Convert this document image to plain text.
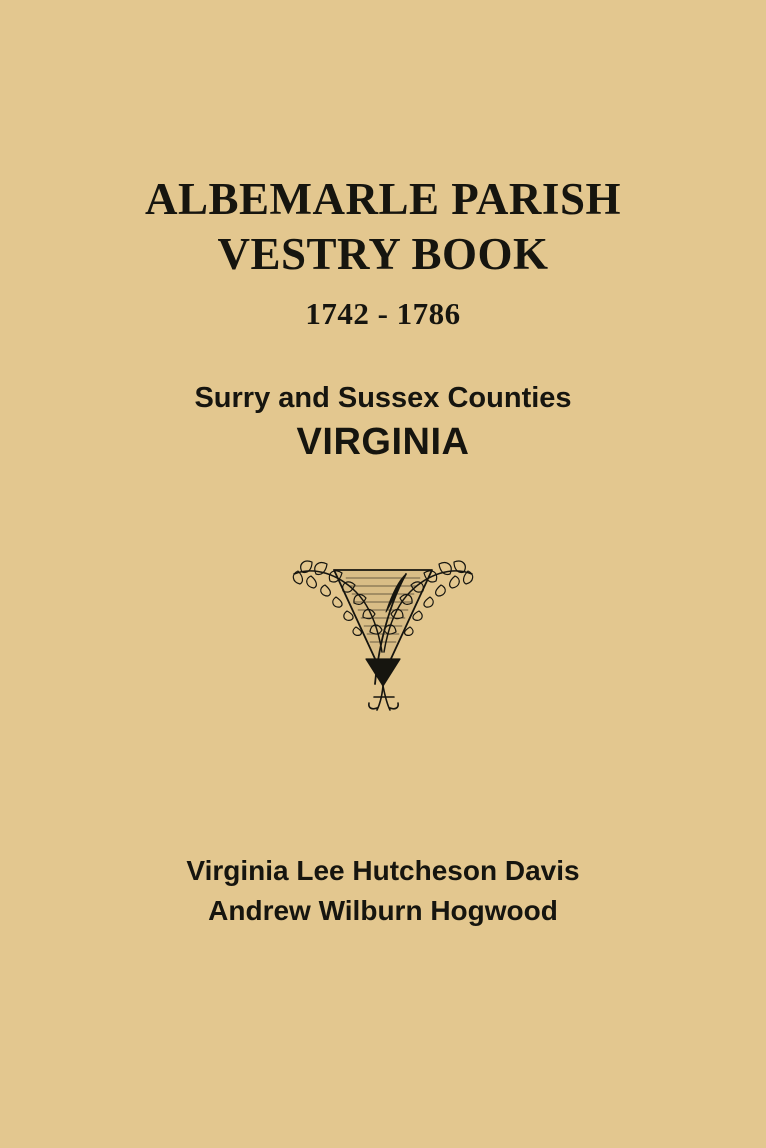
ALBEMARLE PARISH
VESTRY BOOK
1742 - 1786
Surry and Sussex Counties
VIRGINIA
Virginia Lee Hutcheson Davis
Andrew Wilburn Hogwood
